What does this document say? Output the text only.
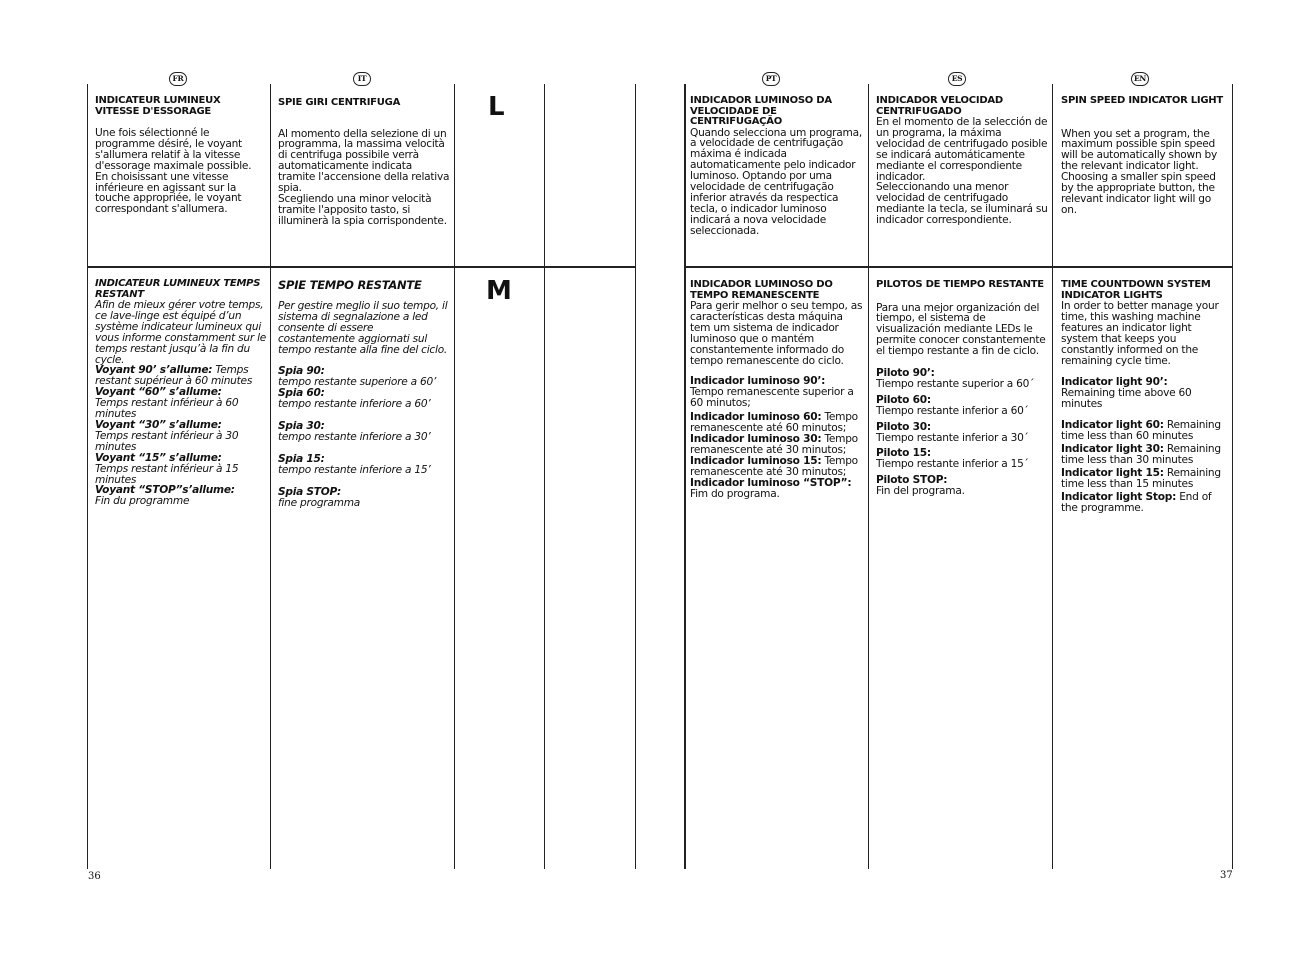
FR	IT	PT	ES	EN
L
M

INDICATEUR LUMINEUX VITESSE D'ESSORAGE

Une fois sélectionné le programme désiré, le voyant s'allumera relatif à la vitesse d'essorage maximale possible.

En choisissant une vitesse inférieure en agissant sur la touche appropriée, le voyant correspondant s'allumera.

SPIE GIRI CENTRIFUGA

Al momento della selezione di un programma, la massima velocità di centrifuga possibile verrà automaticamente indicata tramite l'accensione della relativa spia.

Scegliendo una minor velocità tramite l'apposito tasto, si illuminerà la spia corrispondente.

INDICADOR LUMINOSO DA VELOCIDADE DE CENTRIFUGAÇÃO

Quando selecciona um programa, a velocidade de centrifugação máxima é indicada automaticamente pelo indicador luminoso. Optando por uma velocidade de centrifugação inferior através da respectica tecla, o indicador luminoso indicará a nova velocidade seleccionada.

INDICADOR VELOCIDAD CENTRIFUGADO

En el momento de la selección de un programa, la máxima velocidad de centrifugado posible se indicará automáticamente mediante el correspondiente indicador.

Seleccionando una menor velocidad de centrifugado mediante la tecla, se iluminará su indicador correspondiente.

SPIN SPEED INDICATOR LIGHT

When you set a program, the maximum possible spin speed will be automatically shown by the relevant indicator light.

Choosing a smaller spin speed by the appropriate button, the relevant indicator light will go on.

INDICATEUR LUMINEUX TEMPS RESTANT

Afin de mieux gérer votre temps, ce lave-linge est équipé d’un système indicateur lumineux qui vous informe constamment sur le temps restant jusqu’à la fin du cycle.

Voyant 90’ s’allume: Temps restant supérieur à 60 minutes

Voyant “60” s’allume:

Temps restant inférieur à 60 minutes

Voyant “30” s’allume:

Temps restant inférieur à 30 minutes

Voyant “15” s’allume:

Temps restant inférieur à 15 minutes

Voyant “STOP”s’allume:

Fin du programme

SPIE TEMPO RESTANTE

Per gestire meglio il suo tempo, il sistema di segnalazione a led consente di essere costantemente aggiornati sul tempo restante alla fine del ciclo.

Spia 90:

tempo restante superiore a 60’

Spia 60:

tempo restante inferiore a 60’

Spia 30:

tempo restante inferiore a 30’

Spia 15:

tempo restante inferiore a 15’

Spia STOP:

fine programma

INDICADOR LUMINOSO DO TEMPO REMANESCENTE

Para gerir melhor o seu tempo, as características desta máquina tem um sistema de indicador luminoso que o mantém constantemente informado do tempo remanescente do ciclo.

Indicador luminoso 90’:

Tempo remanescente superior a 60 minutos;

Indicador luminoso 60: Tempo remanescente até 60 minutos;

Indicador luminoso 30: Tempo remanescente até 30 minutos;

Indicador luminoso 15: Tempo remanescente até 30 minutos;

Indicador luminoso “STOP”: Fim do programa.

PILOTOS DE TIEMPO RESTANTE

Para una mejor organización del tiempo, el sistema de visualización mediante LEDs le permite conocer constantemente el tiempo restante a fin de ciclo.

Piloto 90’:

Tiempo restante superior a 60´

Piloto 60:

Tiempo restante inferior a 60´

Piloto 30:

Tiempo restante inferior a 30´

Piloto 15:

Tiempo restante inferior a 15´

Piloto STOP:

Fin del programa.

TIME COUNTDOWN SYSTEM INDICATOR LIGHTS

In order to better manage your time, this washing machine features an indicator light system that keeps you constantly informed on the remaining cycle time.

Indicator light 90’:

Remaining time above 60 minutes

Indicator light 60: Remaining time less than 60 minutes

Indicator light 30: Remaining time less than 30 minutes

Indicator light 15: Remaining time less than 15 minutes

Indicator light Stop: End of the programme.

36	37
